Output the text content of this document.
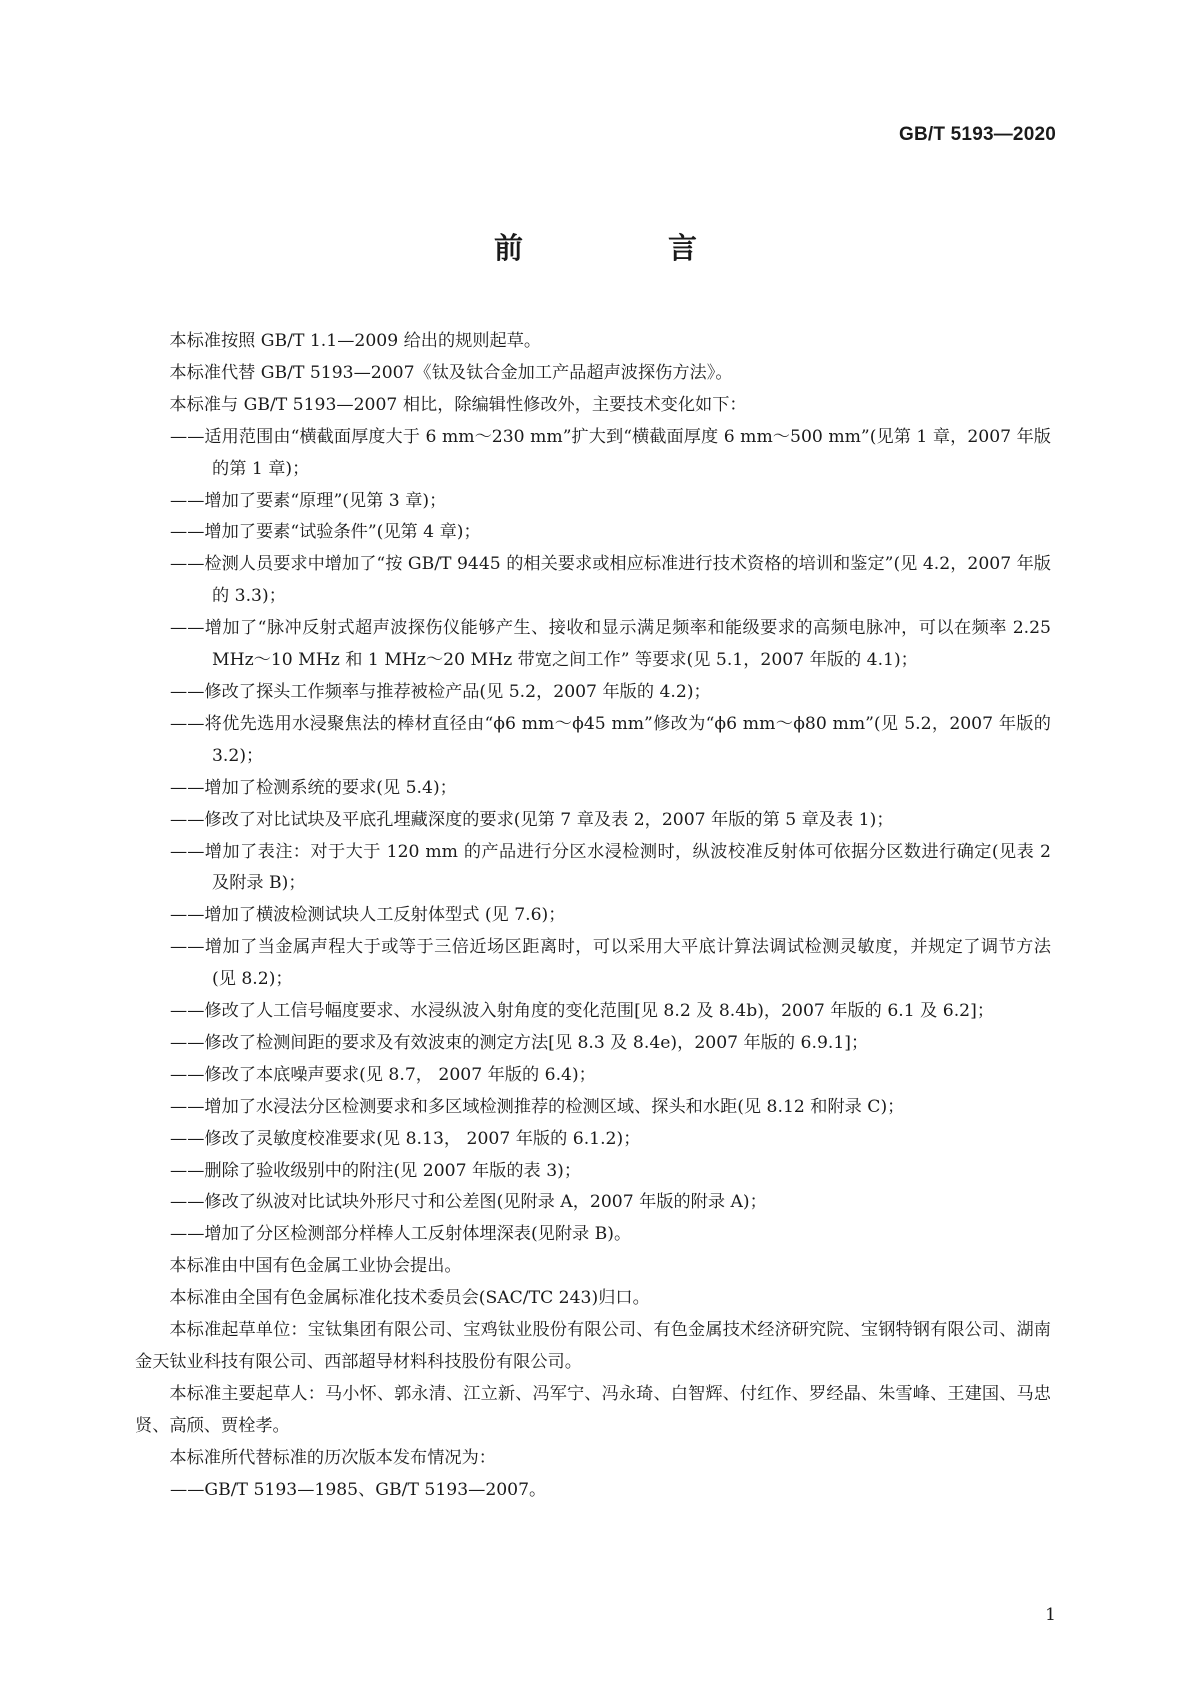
GB/T 5193—2020
前　言

本标准按照 GB/T 1.1—2009 给出的规则起草。

本标准代替 GB/T 5193—2007《钛及钛合金加工产品超声波探伤方法》。

本标准与 GB/T 5193—2007 相比，除编辑性修改外，主要技术变化如下：

——适用范围由“横截面厚度大于 6 mm～230 mm”扩大到“横截面厚度 6 mm～500 mm”(见第 1 章，2007 年版的第 1 章)；

——增加了要素“原理”(见第 3 章)；

——增加了要素“试验条件”(见第 4 章)；

——检测人员要求中增加了“按 GB/T 9445 的相关要求或相应标准进行技术资格的培训和鉴定”(见 4.2，2007 年版的 3.3)；

——增加了“脉冲反射式超声波探伤仪能够产生、接收和显示满足频率和能级要求的高频电脉冲，可以在频率 2.25 MHz～10 MHz 和 1 MHz～20 MHz 带宽之间工作” 等要求(见 5.1，2007 年版的 4.1)；

——修改了探头工作频率与推荐被检产品(见 5.2，2007 年版的 4.2)；

——将优先选用水浸聚焦法的棒材直径由“ϕ6 mm～ϕ45 mm”修改为“ϕ6 mm～ϕ80 mm”(见 5.2，2007 年版的 3.2)；

——增加了检测系统的要求(见 5.4)；

——修改了对比试块及平底孔埋藏深度的要求(见第 7 章及表 2，2007 年版的第 5 章及表 1)；

——增加了表注：对于大于 120 mm 的产品进行分区水浸检测时，纵波校准反射体可依据分区数进行确定(见表 2 及附录 B)；

——增加了横波检测试块人工反射体型式 (见 7.6)；

——增加了当金属声程大于或等于三倍近场区距离时，可以采用大平底计算法调试检测灵敏度，并规定了调节方法(见 8.2)；

——修改了人工信号幅度要求、水浸纵波入射角度的变化范围[见 8.2 及 8.4b)，2007 年版的 6.1 及 6.2]；

——修改了检测间距的要求及有效波束的测定方法[见 8.3 及 8.4e)，2007 年版的 6.9.1]；

——修改了本底噪声要求(见 8.7， 2007 年版的 6.4)；

——增加了水浸法分区检测要求和多区域检测推荐的检测区域、探头和水距(见 8.12 和附录 C)；

——修改了灵敏度校准要求(见 8.13， 2007 年版的 6.1.2)；

——删除了验收级别中的附注(见 2007 年版的表 3)；

——修改了纵波对比试块外形尺寸和公差图(见附录 A，2007 年版的附录 A)；

——增加了分区检测部分样棒人工反射体埋深表(见附录 B)。

本标准由中国有色金属工业协会提出。

本标准由全国有色金属标准化技术委员会(SAC/TC 243)归口。

本标准起草单位：宝钛集团有限公司、宝鸡钛业股份有限公司、有色金属技术经济研究院、宝钢特钢有限公司、湖南金天钛业科技有限公司、西部超导材料科技股份有限公司。

本标准主要起草人：马小怀、郭永清、江立新、冯军宁、冯永琦、白智辉、付红作、罗经晶、朱雪峰、王建国、马忠贤、高颀、贾栓孝。

本标准所代替标准的历次版本发布情况为：

——GB/T 5193—1985、GB/T 5193—2007。

1
